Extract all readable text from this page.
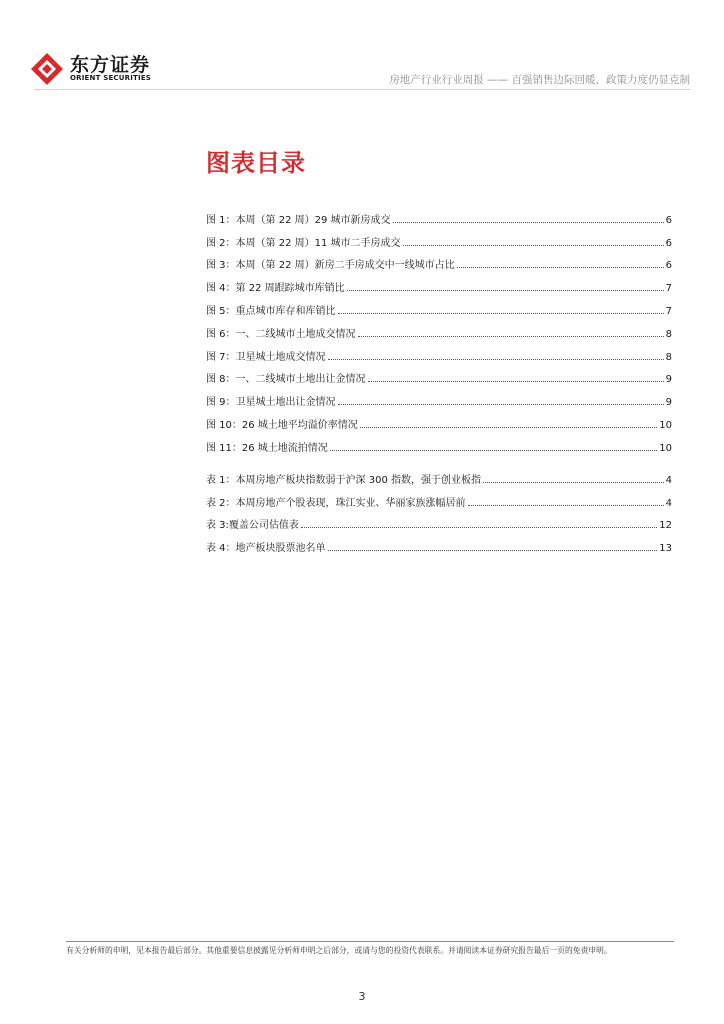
东方证券
ORIENT SECURITIES	房地产行业行业周报 —— 百强销售边际回暖，政策力度仍显克制
图表目录
图 1：本周（第 22 周）29 城市新房成交	6
图 2：本周（第 22 周）11 城市二手房成交	6
图 3：本周（第 22 周）新房二手房成交中一线城市占比	6
图 4：第 22 周跟踪城市库销比	7
图 5：重点城市库存和库销比	7
图 6：一、二线城市土地成交情况	8
图 7：卫星城土地成交情况	8
图 8：一、二线城市土地出让金情况	9
图 9：卫星城土地出让金情况	9
图 10：26 城土地平均溢价率情况	10
图 11：26 城土地流拍情况	10
表 1：本周房地产板块指数弱于沪深 300 指数，强于创业板指	4
表 2：本周房地产个股表现，珠江实业、华丽家族涨幅居前	4
表 3:覆盖公司估值表	12
表 4：地产板块股票池名单	13
有关分析师的申明，见本报告最后部分。其他重要信息披露见分析师申明之后部分，或请与您的投资代表联系。并请阅读本证券研究报告最后一页的免责申明。
3
